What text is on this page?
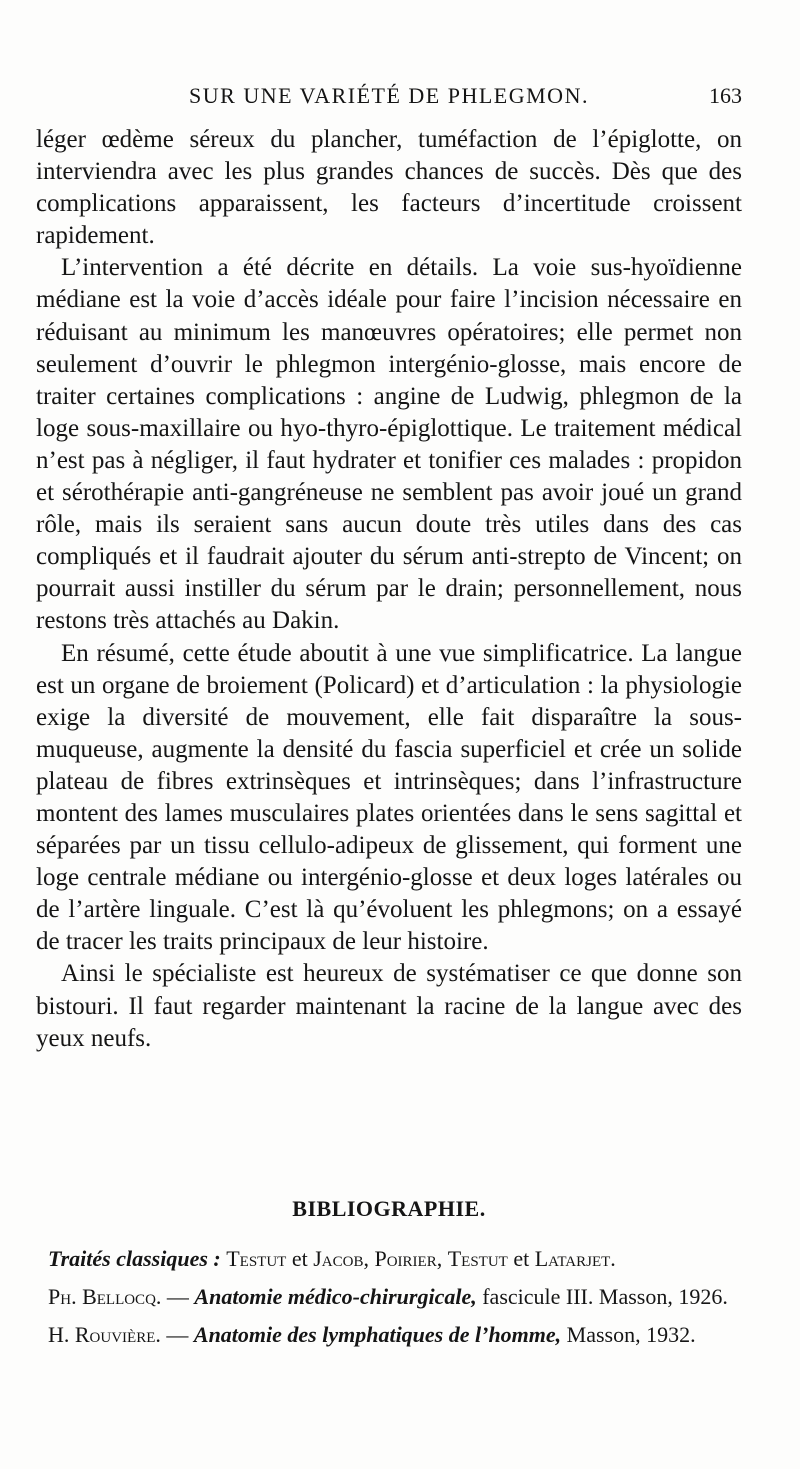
SUR UNE VARIÉTÉ DE PHLEGMON.	163

léger œdème séreux du plancher, tuméfaction de l’épiglotte, on interviendra avec les plus grandes chances de succès. Dès que des complications apparaissent, les facteurs d’incertitude croissent rapidement.

L’intervention a été décrite en détails. La voie sus-hyoïdienne médiane est la voie d’accès idéale pour faire l’incision nécessaire en réduisant au minimum les manœuvres opératoires; elle permet non seulement d’ouvrir le phlegmon intergénio-glosse, mais encore de traiter certaines complications : angine de Ludwig, phlegmon de la loge sous-maxillaire ou hyo-thyro-épiglottique. Le traitement médical n’est pas à négliger, il faut hydrater et tonifier ces malades : propidon et sérothérapie anti-gangréneuse ne semblent pas avoir joué un grand rôle, mais ils seraient sans aucun doute très utiles dans des cas compliqués et il faudrait ajouter du sérum anti-strepto de Vincent; on pourrait aussi instiller du sérum par le drain; personnellement, nous restons très attachés au Dakin.

En résumé, cette étude aboutit à une vue simplificatrice. La langue est un organe de broiement (Policard) et d’articulation : la physiologie exige la diversité de mouvement, elle fait disparaître la sous-muqueuse, augmente la densité du fascia superficiel et crée un solide plateau de fibres extrinsèques et intrinsèques; dans l’infrastructure montent des lames musculaires plates orientées dans le sens sagittal et séparées par un tissu cellulo-adipeux de glissement, qui forment une loge centrale médiane ou intergénio-glosse et deux loges latérales ou de l’artère linguale. C’est là qu’évoluent les phlegmons; on a essayé de tracer les traits principaux de leur histoire.

Ainsi le spécialiste est heureux de systématiser ce que donne son bistouri. Il faut regarder maintenant la racine de la langue avec des yeux neufs.

BIBLIOGRAPHIE.
Traités classiques : Testut et Jacob, Poirier, Testut et Latarjet.
Ph. Bellocq. — Anatomie médico-chirurgicale, fascicule III. Masson, 1926.
H. Rouvière. — Anatomie des lymphatiques de l’homme, Masson, 1932.
